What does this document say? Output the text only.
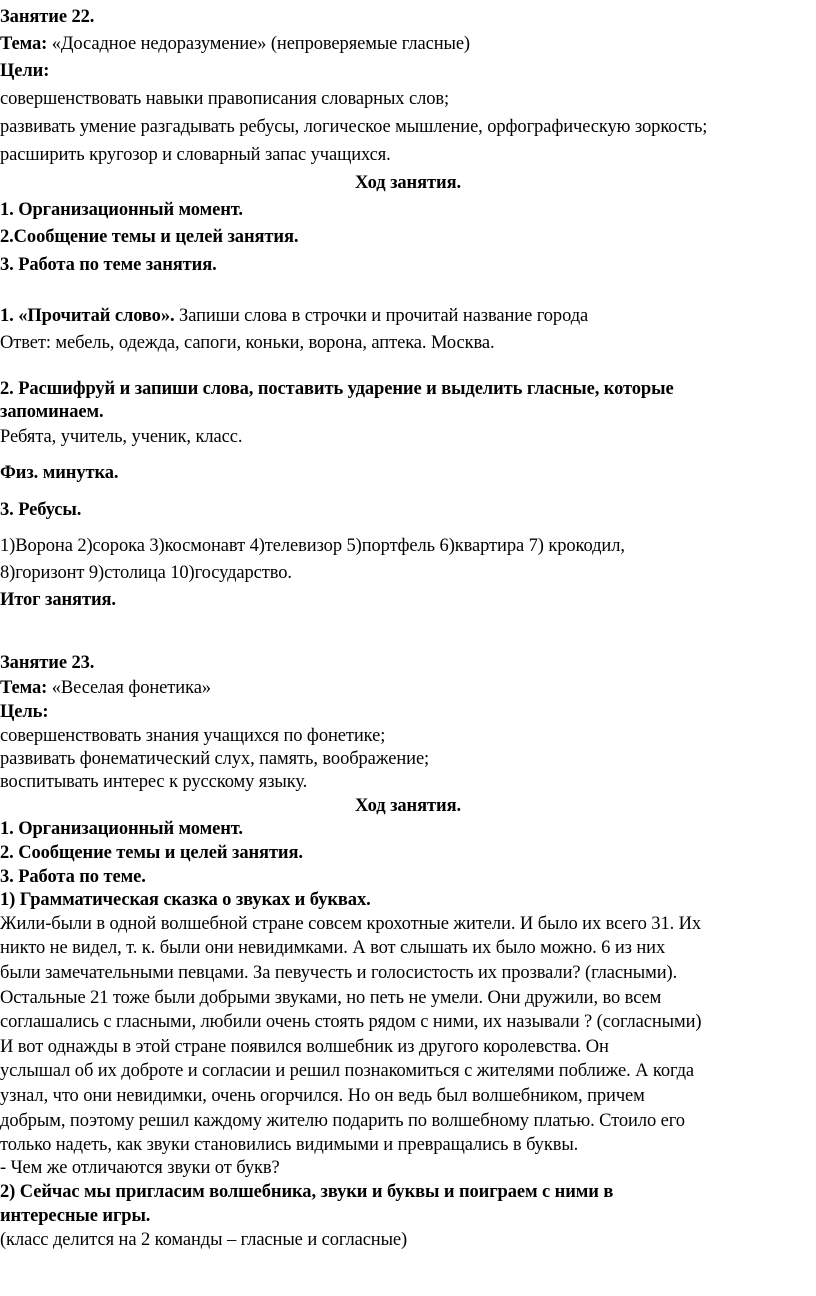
Занятие 22.

Тема: «Досадное недоразумение» (непроверяемые гласные)

Цели:

совершенствовать навыки правописания словарных слов;

развивать умение разгадывать ребусы, логическое мышление, орфографическую зоркость;

расширить кругозор и словарный запас учащихся.

Ход занятия.

1. Организационный момент.

2.Сообщение темы и целей занятия.

3. Работа по теме занятия.

1. «Прочитай слово». Запиши слова в строчки и прочитай название города

Ответ: мебель, одежда, сапоги, коньки, ворона, аптека. Москва.

2. Расшифруй и запиши слова, поставить ударение и выделить гласные, которые

запоминаем.

Ребята, учитель, ученик, класс.

Физ. минутка.

3. Ребусы.

1)Ворона 2)сорока 3)космонавт 4)телевизор 5)портфель 6)квартира 7) крокодил,

8)горизонт 9)столица 10)государство.

Итог занятия.

Занятие 23.

Тема: «Веселая фонетика»

Цель:

совершенствовать знания учащихся по фонетике;

развивать фонематический слух, память, воображение;

воспитывать интерес к русскому языку.

Ход занятия.

1. Организационный момент.

2. Сообщение темы и целей занятия.

3. Работа по теме.

1) Грамматическая сказка о звуках и буквах.

Жили-были в одной волшебной стране совсем крохотные жители. И было их всего 31. Их

никто не видел, т. к. были они невидимками. А вот слышать их было можно. 6 из них

были замечательными певцами. За певучесть и голосистость их прозвали? (гласными).

Остальные 21 тоже были добрыми звуками, но петь не умели. Они дружили, во всем

соглашались с гласными, любили очень стоять рядом с ними, их называли ? (согласными)

И вот однажды в этой стране появился волшебник из другого королевства. Он

услышал об их доброте и согласии и решил познакомиться с жителями поближе. А когда

узнал, что они невидимки, очень огорчился. Но он ведь был волшебником, причем

добрым, поэтому решил каждому жителю подарить по волшебному платью. Стоило его

только надеть, как звуки становились видимыми и превращались в буквы.

- Чем же отличаются звуки от букв?

2) Сейчас мы пригласим волшебника, звуки и буквы и поиграем с ними в

интересные игры.

(класс делится на 2 команды – гласные и согласные)
